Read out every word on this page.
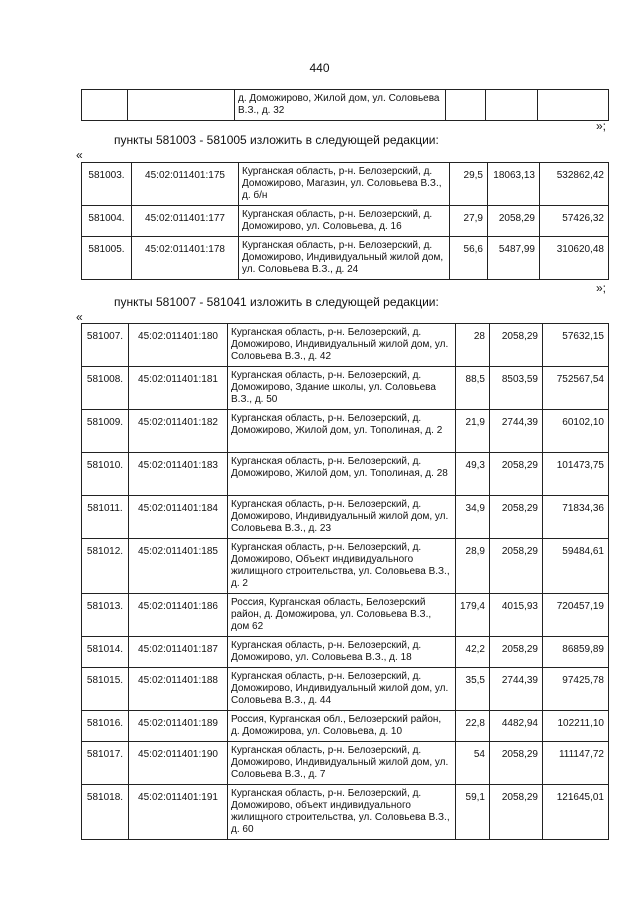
440
		д. Доможирово, Жилой дом, ул. Соловьева В.З., д. 32			
»;
пункты 581003 - 581005 изложить в следующей редакции:
«
581003.	45:02:011401:175	Курганская область, р-н. Белозерский, д. Доможирово, Магазин, ул. Соловьева В.З., д. б/н	29,5	18063,13	532862,42
581004.	45:02:011401:177	Курганская область, р-н. Белозерский, д. Доможирово, ул. Соловьева, д. 16	27,9	2058,29	57426,32
581005.	45:02:011401:178	Курганская область, р-н. Белозерский, д. Доможирово, Индивидуальный жилой дом, ул. Соловьева В.З., д. 24	56,6	5487,99	310620,48
»;
пункты 581007 - 581041 изложить в следующей редакции:
«
581007.	45:02:011401:180	Курганская область, р-н. Белозерский, д. Доможирово, Индивидуальный жилой дом, ул. Соловьева В.З., д. 42	28	2058,29	57632,15
581008.	45:02:011401:181	Курганская область, р-н. Белозерский, д. Доможирово, Здание школы, ул. Соловьева В.З., д. 50	88,5	8503,59	752567,54
581009.	45:02:011401:182	Курганская область, р-н. Белозерский, д. Доможирово, Жилой дом, ул. Тополиная, д. 2	21,9	2744,39	60102,10
581010.	45:02:011401:183	Курганская область, р-н. Белозерский, д. Доможирово, Жилой дом, ул. Тополиная, д. 28	49,3	2058,29	101473,75
581011.	45:02:011401:184	Курганская область, р-н. Белозерский, д. Доможирово, Индивидуальный жилой дом, ул. Соловьева В.З., д. 23	34,9	2058,29	71834,36
581012.	45:02:011401:185	Курганская область, р-н. Белозерский, д. Доможирово, Объект индивидуального жилищного строительства, ул. Соловьева В.З., д. 2	28,9	2058,29	59484,61
581013.	45:02:011401:186	Россия, Курганская область, Белозерский район, д. Доможирова, ул. Соловьева В.З., дом 62	179,4	4015,93	720457,19
581014.	45:02:011401:187	Курганская область, р-н. Белозерский, д. Доможирово, ул. Соловьева В.З., д. 18	42,2	2058,29	86859,89
581015.	45:02:011401:188	Курганская область, р-н. Белозерский, д. Доможирово, Индивидуальный жилой дом, ул. Соловьева В.З., д. 44	35,5	2744,39	97425,78
581016.	45:02:011401:189	Россия, Курганская обл., Белозерский район, д. Доможирова, ул. Соловьева, д. 10	22,8	4482,94	102211,10
581017.	45:02:011401:190	Курганская область, р-н. Белозерский, д. Доможирово, Индивидуальный жилой дом, ул. Соловьева В.З., д. 7	54	2058,29	111147,72
581018.	45:02:011401:191	Курганская область, р-н. Белозерский, д. Доможирово, объект индивидуального жилищного строительства, ул. Соловьева В.З., д. 60	59,1	2058,29	121645,01
